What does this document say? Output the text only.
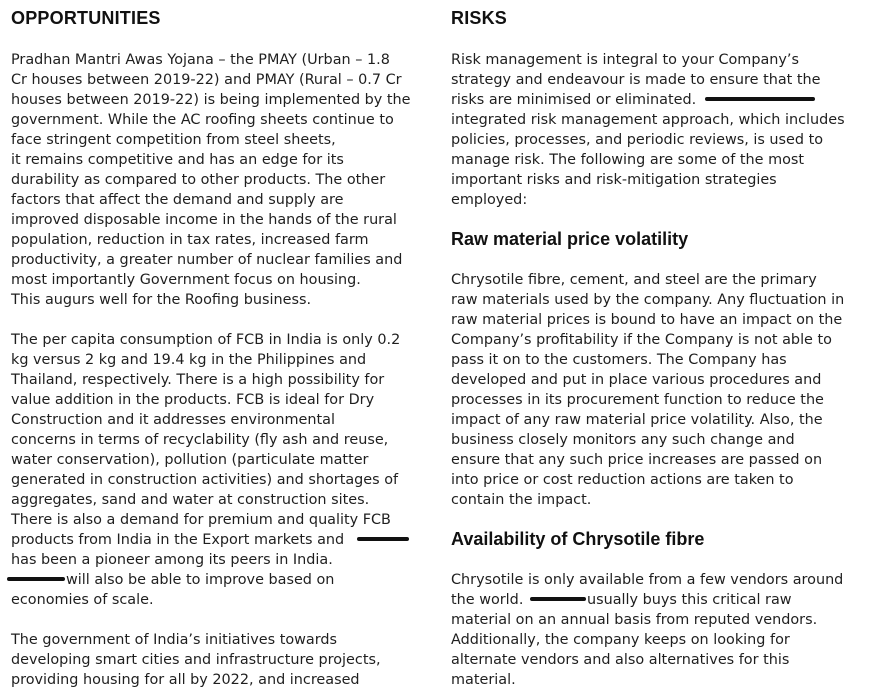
OPPORTUNITIES
Pradhan Mantri Awas Yojana – the PMAY (Urban – 1.8
Cr houses between 2019-22) and PMAY (Rural – 0.7 Cr
houses between 2019-22) is being implemented by the
government. While the AC roofing sheets continue to
face stringent competition from steel sheets,
it remains competitive and has an edge for its
durability as compared to other products. The other
factors that affect the demand and supply are
improved disposable income in the hands of the rural
population, reduction in tax rates, increased farm
productivity, a greater number of nuclear families and
most importantly Government focus on housing.
This augurs well for the Roofing business.
The per capita consumption of FCB in India is only 0.2
kg versus 2 kg and 19.4 kg in the Philippines and
Thailand, respectively. There is a high possibility for
value addition in the products. FCB is ideal for Dry
Construction and it addresses environmental
concerns in terms of recyclability (fly ash and reuse,
water conservation), pollution (particulate matter
generated in construction activities) and shortages of
aggregates, sand and water at construction sites.
There is also a demand for premium and quality FCB
products from India in the Export markets and
has been a pioneer among its peers in India.
will also be able to improve based on
economies of scale.
The government of India’s initiatives towards
developing smart cities and infrastructure projects,
providing housing for all by 2022, and increased
RISKS
Risk management is integral to your Company’s
strategy and endeavour is made to ensure that the
risks are minimised or eliminated.
integrated risk management approach, which includes
policies, processes, and periodic reviews, is used to
manage risk. The following are some of the most
important risks and risk-mitigation strategies
employed:
Raw material price volatility
Chrysotile fibre, cement, and steel are the primary
raw materials used by the company. Any fluctuation in
raw material prices is bound to have an impact on the
Company’s profitability if the Company is not able to
pass it on to the customers. The Company has
developed and put in place various procedures and
processes in its procurement function to reduce the
impact of any raw material price volatility. Also, the
business closely monitors any such change and
ensure that any such price increases are passed on
into price or cost reduction actions are taken to
contain the impact.
Availability of Chrysotile fibre
Chrysotile is only available from a few vendors around
the world.	usually buys this critical raw
material on an annual basis from reputed vendors.
Additionally, the company keeps on looking for
alternate vendors and also alternatives for this
material.
